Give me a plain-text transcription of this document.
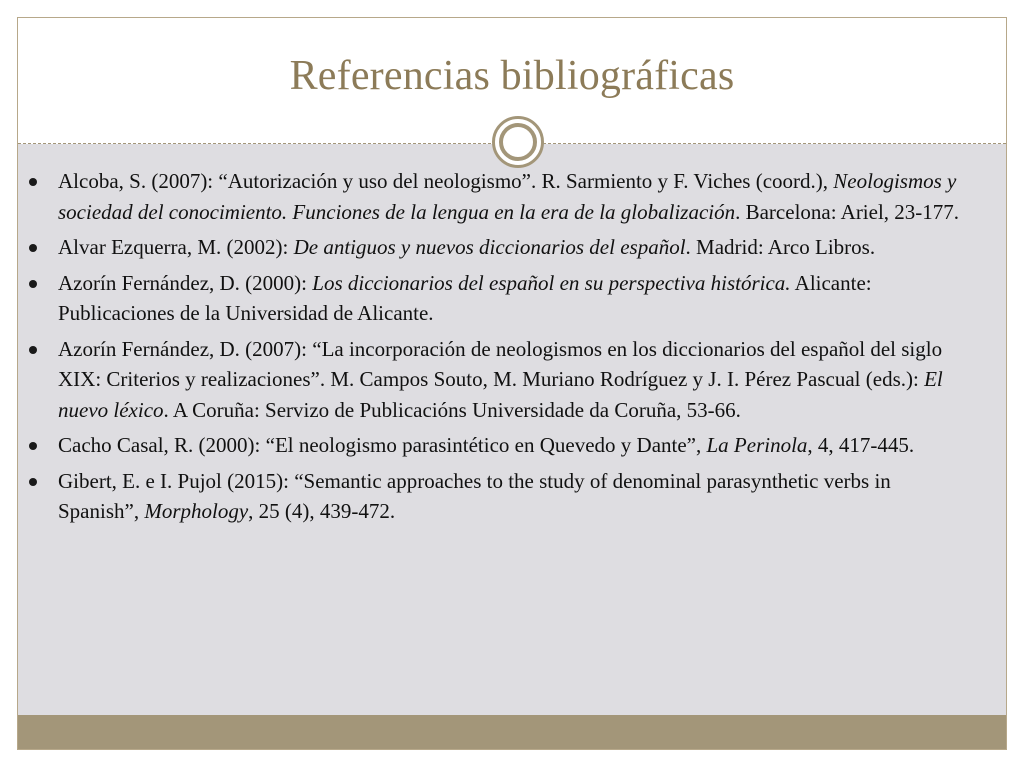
Referencias bibliográficas
Alcoba, S. (2007): “Autorización y uso del neologismo”. R. Sarmiento y F. Viches (coord.), Neologismos y sociedad del conocimiento. Funciones de la lengua en la era de la globalización. Barcelona: Ariel, 23-177.
Alvar Ezquerra, M. (2002): De antiguos y nuevos diccionarios del español. Madrid: Arco Libros.
Azorín Fernández, D. (2000): Los diccionarios del español en su perspectiva histórica. Alicante: Publicaciones de la Universidad de Alicante.
Azorín Fernández, D. (2007): “La incorporación de neologismos en los diccionarios del español del siglo XIX: Criterios y realizaciones”. M. Campos Souto, M. Muriano Rodríguez y J. I. Pérez Pascual (eds.): El nuevo léxico. A Coruña: Servizo de Publicacións Universidade da Coruña, 53-66.
Cacho Casal, R. (2000): “El neologismo parasintético en Quevedo y Dante”, La Perinola, 4, 417-445.
Gibert, E. e I. Pujol (2015): “Semantic approaches to the study of denominal parasynthetic verbs in Spanish”, Morphology, 25 (4), 439-472.
